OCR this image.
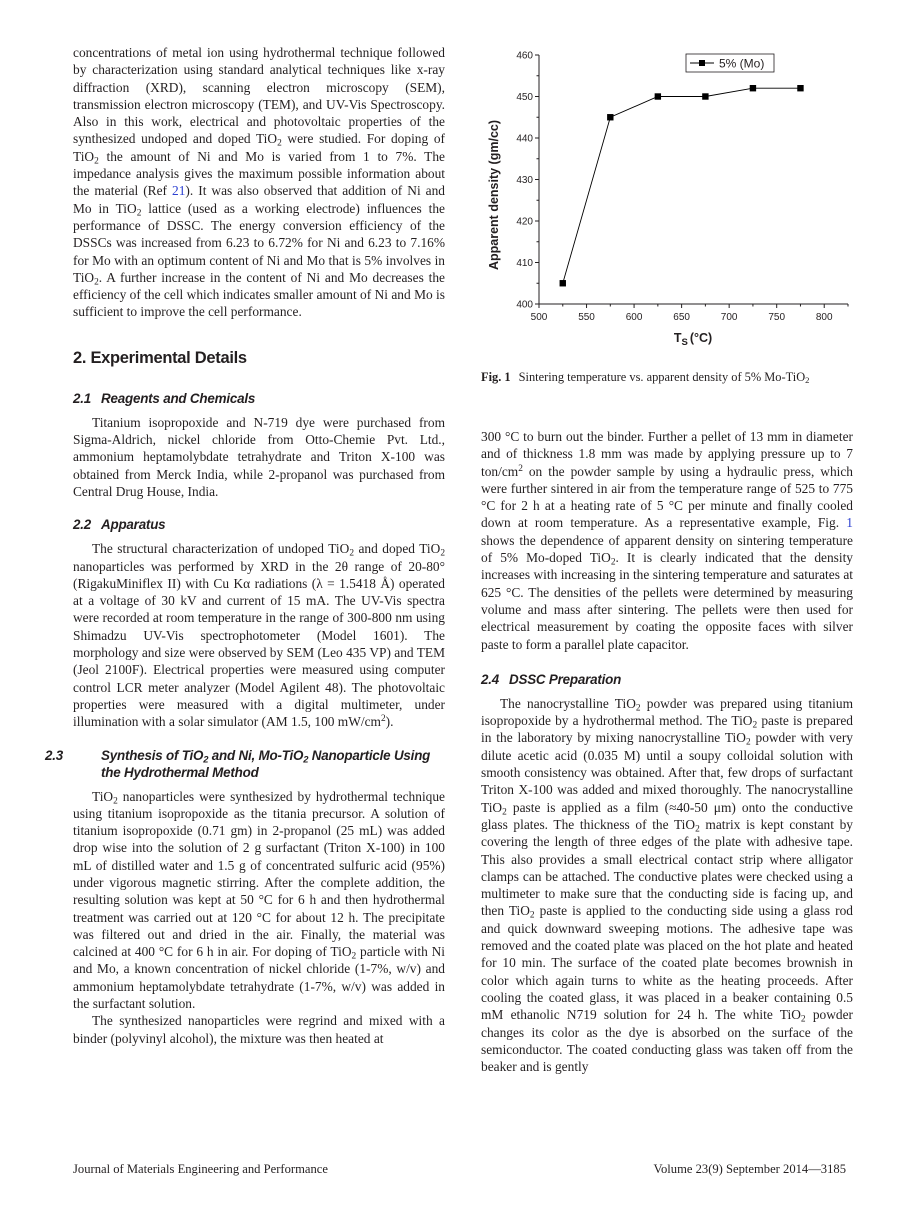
concentrations of metal ion using hydrothermal technique followed by characterization using standard analytical techniques like x-ray diffraction (XRD), scanning electron microscopy (SEM), transmission electron microscopy (TEM), and UV-Vis Spectroscopy. Also in this work, electrical and photovoltaic properties of the synthesized undoped and doped TiO$_2$ were studied. For doping of TiO$_2$ the amount of Ni and Mo is varied from 1 to 7%. The impedance analysis gives the maximum possible information about the material (Ref 21). It was also observed that addition of Ni and Mo in TiO$_2$ lattice (used as a working electrode) influences the performance of DSSC. The energy conversion efficiency of the DSSCs was increased from 6.23 to 6.72% for Ni and 6.23 to 7.16% for Mo with an optimum content of Ni and Mo that is 5% involves in TiO$_2$. A further increase in the content of Ni and Mo decreases the efficiency of the cell which indicates smaller amount of Ni and Mo is sufficient to improve the cell performance.

2. Experimental Details
2.1 Reagents and Chemicals

Titanium isopropoxide and N-719 dye were purchased from Sigma-Aldrich, nickel chloride from Otto-Chemie Pvt. Ltd., ammonium heptamolybdate tetrahydrate and Triton X-100 was obtained from Merck India, while 2-propanol was purchased from Central Drug House, India.

2.2 Apparatus

The structural characterization of undoped TiO$_2$ and doped TiO$_2$ nanoparticles was performed by XRD in the 2θ range of 20-80° (RigakuMiniflex II) with Cu Kα radiations (λ = 1.5418 Å) operated at a voltage of 30 kV and current of 15 mA. The UV-Vis spectra were recorded at room temperature in the range of 300-800 nm using Shimadzu UV-Vis spectrophotometer (Model 1601). The morphology and size were observed by SEM (Leo 435 VP) and TEM (Jeol 2100F). Electrical properties were measured using computer control LCR meter analyzer (Model Agilent 48). The photovoltaic properties were measured with a digital multimeter, under illumination with a solar simulator (AM 1.5, 100 $mW/cm^2$).

2.3	Synthesis of TiO$_2$ and Ni, Mo-TiO$_2$ Nanoparticle Using the Hydrothermal Method

TiO$_2$ nanoparticles were synthesized by hydrothermal technique using titanium isopropoxide as the titania precursor. A solution of titanium isopropoxide (0.71 gm) in 2-propanol (25 mL) was added drop wise into the solution of 2 g surfactant (Triton X-100) in 100 mL of distilled water and 1.5 g of concentrated sulfuric acid (95%) under vigorous magnetic stirring. After the complete addition, the resulting solution was kept at 50 °C for 6 h and then hydrothermal treatment was carried out at 120 °C for about 12 h. The precipitate was filtered out and dried in the air. Finally, the material was calcined at 400 °C for 6 h in air. For doping of TiO$_2$ particle with Ni and Mo, a known concentration of nickel chloride (1-7%, w/v) and ammonium heptamolybdate tetrahydrate (1-7%, w/v) was added in the surfactant solution.

The synthesized nanoparticles were regrind and mixed with a binder (polyvinyl alcohol), the mixture was then heated at

500	550	600	650	700	750	800
400
410
420
430
440
450
460
5% (Mo)
Apparent density (gm/cc)
$T_S$ (°C)
Fig. 1 Sintering temperature vs. apparent density of 5% Mo-TiO$_2$

300 °C to burn out the binder. Further a pellet of 13 mm in diameter and of thickness 1.8 mm was made by applying pressure up to 7 ton/$cm^2$ on the powder sample by using a hydraulic press, which were further sintered in air from the temperature range of 525 to 775 °C for 2 h at a heating rate of 5 °C per minute and finally cooled down at room temperature. As a representative example, Fig. 1 shows the dependence of apparent density on sintering temperature of 5% Mo-doped TiO$_2$. It is clearly indicated that the density increases with increasing in the sintering temperature and saturates at 625 °C. The densities of the pellets were determined by measuring volume and mass after sintering. The pellets were then used for electrical measurement by coating the opposite faces with silver paste to form a parallel plate capacitor.

2.4 DSSC Preparation

The nanocrystalline TiO$_2$ powder was prepared using titanium isopropoxide by a hydrothermal method. The TiO$_2$ paste is prepared in the laboratory by mixing nanocrystalline TiO$_2$ powder with very dilute acetic acid (0.035 M) until a soupy colloidal solution with smooth consistency was obtained. After that, few drops of surfactant Triton X-100 was added and mixed thoroughly. The nanocrystalline TiO$_2$ paste is applied as a film (≈40-50 μm) onto the conductive glass plates. The thickness of the TiO$_2$ matrix is kept constant by covering the length of three edges of the plate with adhesive tape. This also provides a small electrical contact strip where alligator clamps can be attached. The conductive plates were checked using a multimeter to make sure that the conducting side is facing up, and then TiO$_2$ paste is applied to the conducting side using a glass rod and quick downward sweeping motions. The adhesive tape was removed and the coated plate was placed on the hot plate and heated for 10 min. The surface of the coated plate becomes brownish in color which again turns to white as the heating proceeds. After cooling the coated glass, it was placed in a beaker containing 0.5 mM ethanolic N719 solution for 24 h. The white TiO$_2$ powder changes its color as the dye is absorbed on the surface of the semiconductor. The coated conducting glass was taken off from the beaker and is gently

Journal of Materials Engineering and Performance	Volume 23(9) September 2014—3185
